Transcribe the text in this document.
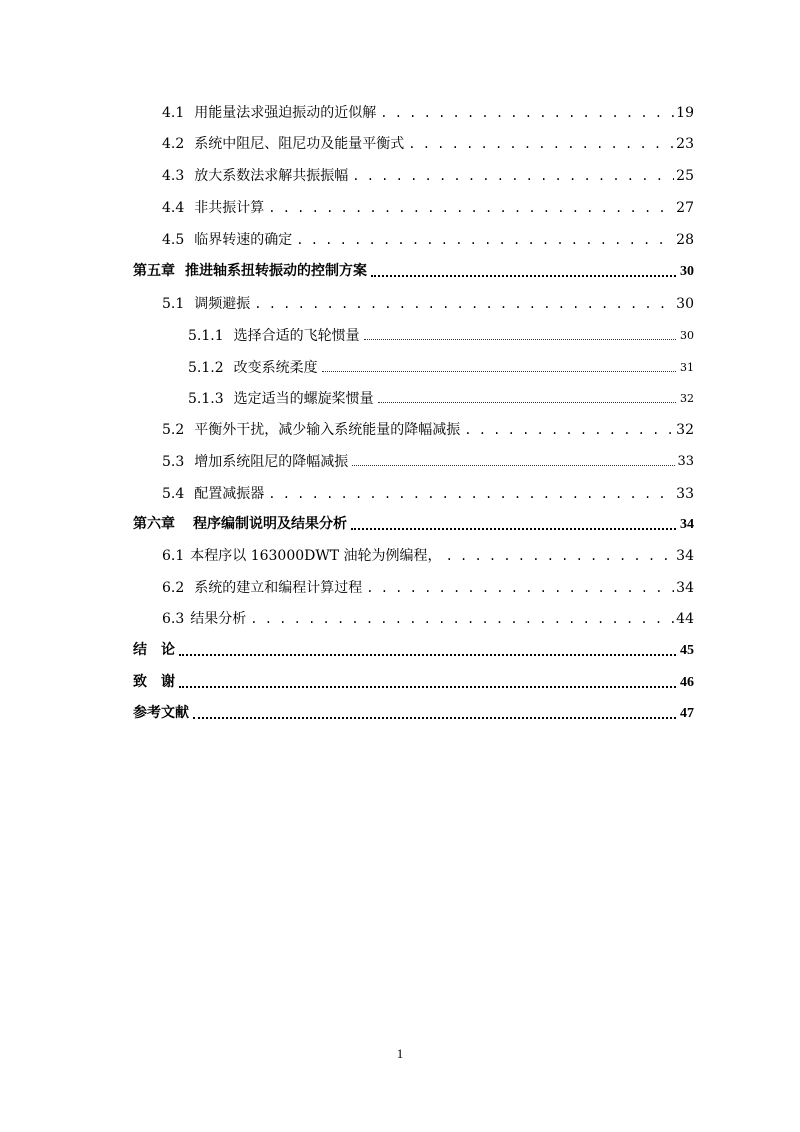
4.1 用能量法求强迫振动的近似解 . . .	19
4.2 系统中阻尼、阻尼功及能量平衡式 . . .	23
4.3 放大系数法求解共振振幅 . . .	25
4.4 非共振计算 . . .	27
4.5 临界转速的确定 . . .	28
第五章 推进轴系扭转振动的控制方案	30
5.1 调频避振 . . .	30
5.1.1 选择合适的飞轮惯量	30
5.1.2 改变系统柔度	31
5.1.3 选定适当的螺旋桨惯量	32
5.2 平衡外干扰，减少输入系统能量的降幅减振 . . .	32
5.3 增加系统阻尼的降幅减振	33
5.4 配置减振器 . . .	33
第六章 程序编制说明及结果分析	34
6.1 本程序以 163000DWT 油轮为例编程， . . .	34
6.2 系统的建立和编程计算过程 . . .	34
6.3 结果分析 . . .	44
结　论	45
致　谢	46
参考文献	47
1
